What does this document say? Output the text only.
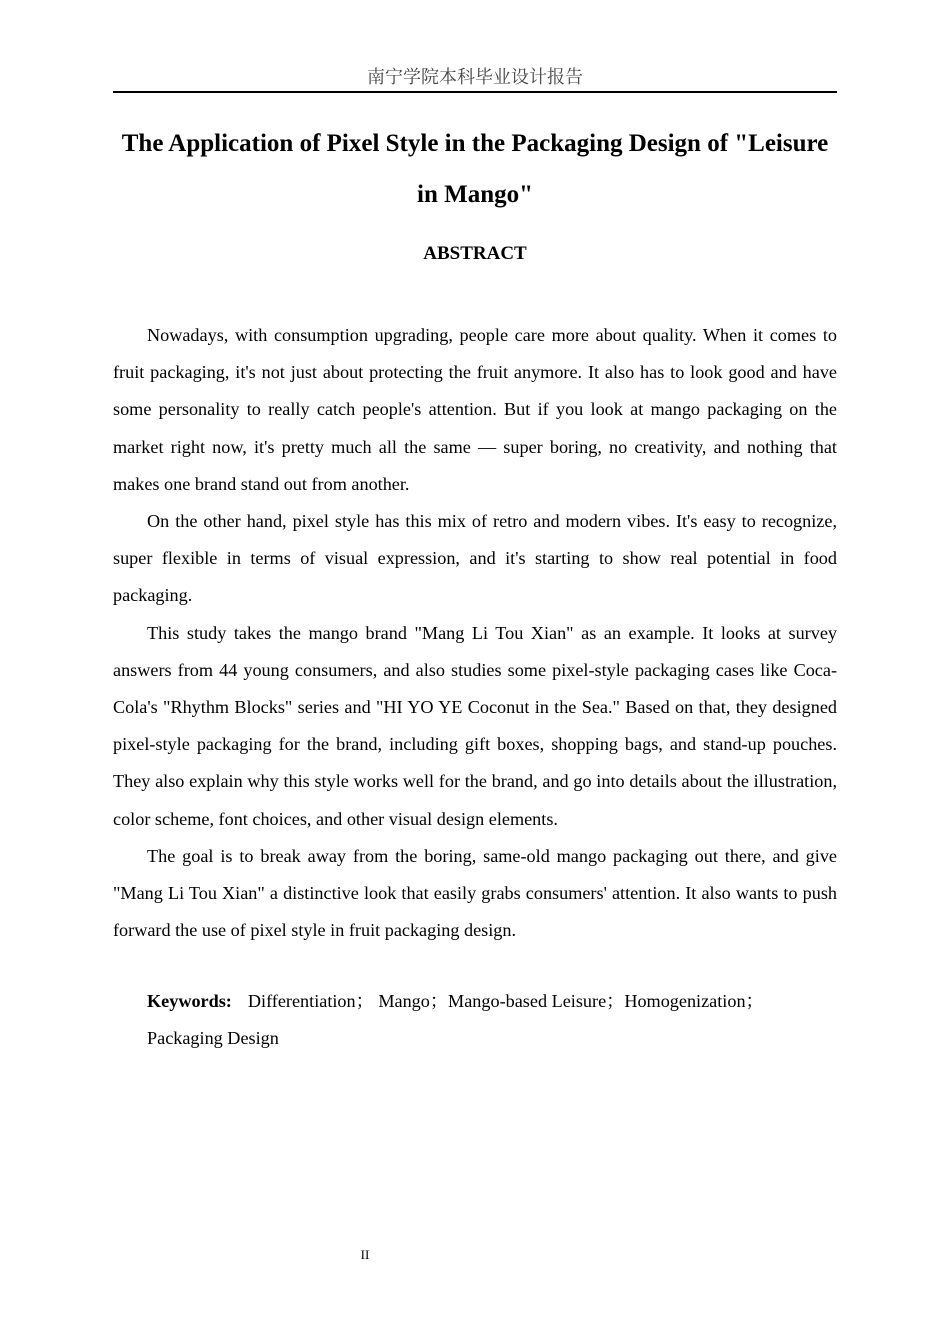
南宁学院本科毕业设计报告
The Application of Pixel Style in the Packaging Design of "Leisure in Mango"
ABSTRACT

Nowadays, with consumption upgrading, people care more about quality. When it comes to fruit packaging, it's not just about protecting the fruit anymore. It also has to look good and have some personality to really catch people's attention. But if you look at mango packaging on the market right now, it's pretty much all the same — super boring, no creativity, and nothing that makes one brand stand out from another.

On the other hand, pixel style has this mix of retro and modern vibes. It's easy to recognize, super flexible in terms of visual expression, and it's starting to show real potential in food packaging.

This study takes the mango brand "Mang Li Tou Xian" as an example. It looks at survey answers from 44 young consumers, and also studies some pixel-style packaging cases like Coca-Cola's "Rhythm Blocks" series and "HI YO YE Coconut in the Sea." Based on that, they designed pixel-style packaging for the brand, including gift boxes, shopping bags, and stand-up pouches. They also explain why this style works well for the brand, and go into details about the illustration, color scheme, font choices, and other visual design elements.

The goal is to break away from the boring, same-old mango packaging out there, and give "Mang Li Tou Xian" a distinctive look that easily grabs consumers' attention. It also wants to push forward the use of pixel style in fruit packaging design.

Keywords: Differentiation； Mango；Mango-based Leisure；Homogenization；Packaging Design
II
